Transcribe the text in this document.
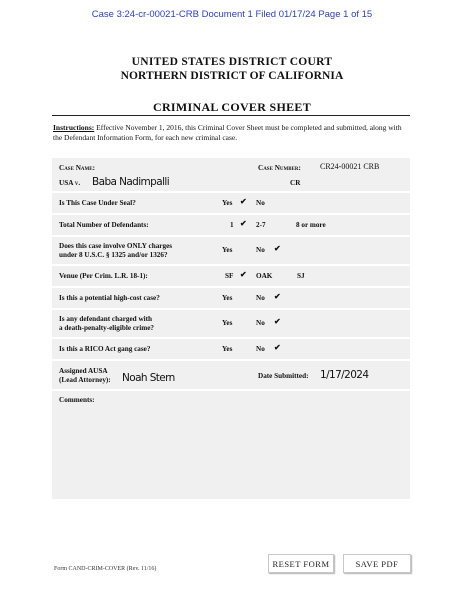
Case 3:24-cr-00021-CRB Document 1 Filed 01/17/24 Page 1 of 15
UNITED STATES DISTRICT COURT
NORTHERN DISTRICT OF CALIFORNIA
CRIMINAL COVER SHEET
Instructions: Effective November 1, 2016, this Criminal Cover Sheet must be completed and submitted, along with the Defendant Information Form, for each new criminal case.
Case Name:
USA v. Baba Nadimpalli
Case Number: CR24-00021 CRB
CR
Is This Case Under Seal?	Yes ✔ No
Total Number of Defendants:	1 ✔ 2-7	8 or more
Does this case involve ONLY charges
under 8 U.S.C. § 1325 and/or 1326?
Yes	No ✔
Venue (Per Crim. L.R. 18-1):	SF ✔ OAK	SJ
Is this a potential high-cost case?	Yes	No ✔
Is any defendant charged with
a death-penalty-eligible crime?
Yes	No ✔
Is this a RICO Act gang case?	Yes	No ✔
Assigned AUSA
(Lead Attorney): Noah Stern	Date Submitted: 1/17/2024
Comments:
RESET FORM	SAVE PDF
Form CAND-CRIM-COVER (Rev. 11/16)
